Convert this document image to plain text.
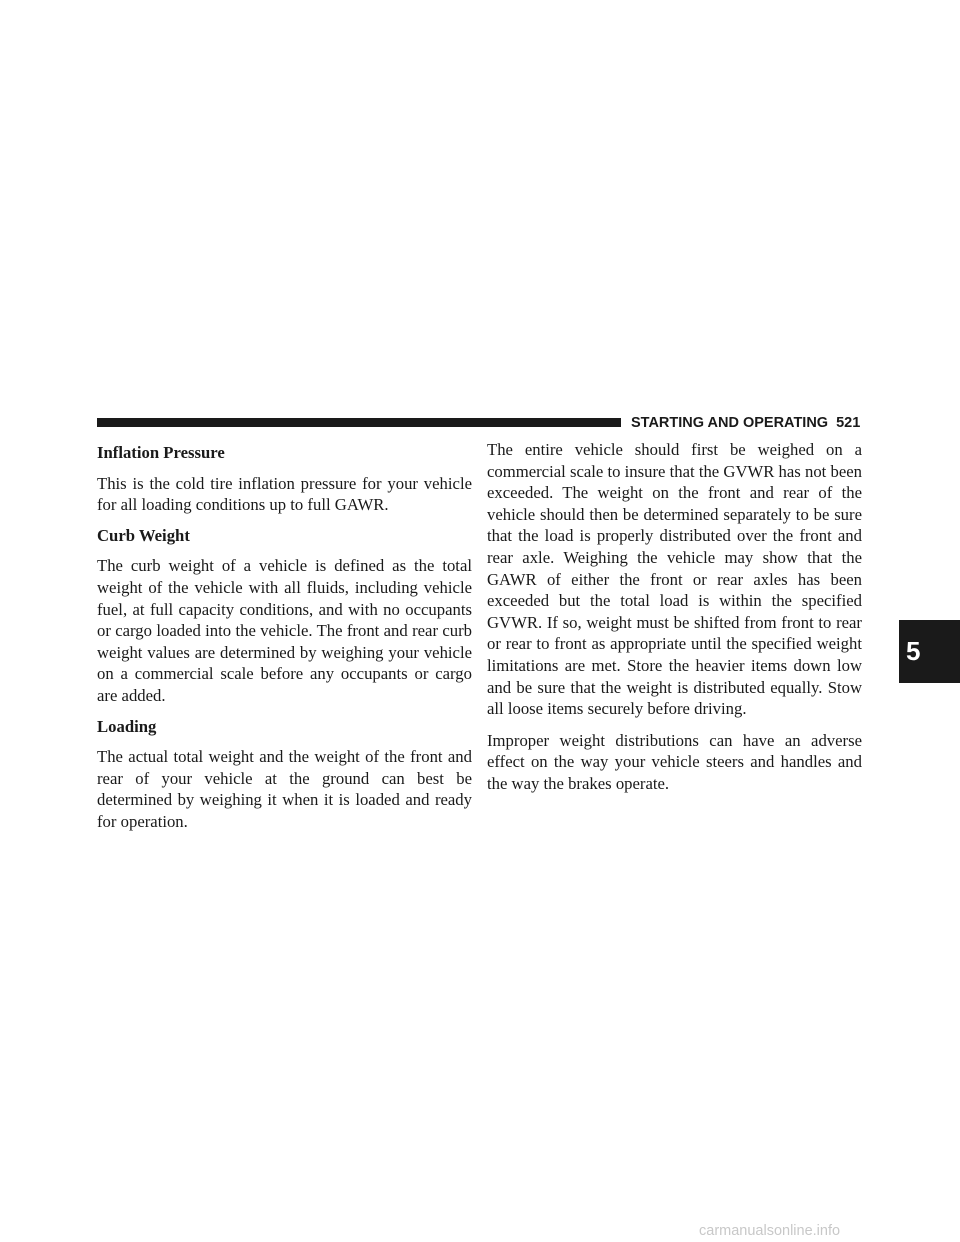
STARTING AND OPERATING 521
Inflation Pressure

This is the cold tire inflation pressure for your vehicle for all loading conditions up to full GAWR.

Curb Weight

The curb weight of a vehicle is defined as the total weight of the vehicle with all fluids, including vehicle fuel, at full capacity conditions, and with no occupants or cargo loaded into the vehicle. The front and rear curb weight values are determined by weighing your vehicle on a commercial scale before any occupants or cargo are added.

Loading

The actual total weight and the weight of the front and rear of your vehicle at the ground can best be determined by weighing it when it is loaded and ready for operation.

The entire vehicle should first be weighed on a commercial scale to insure that the GVWR has not been exceeded. The weight on the front and rear of the vehicle should then be determined separately to be sure that the load is properly distributed over the front and rear axle. Weighing the vehicle may show that the GAWR of either the front or rear axles has been exceeded but the total load is within the specified GVWR. If so, weight must be shifted from front to rear or rear to front as appropriate until the specified weight limitations are met. Store the heavier items down low and be sure that the weight is distributed equally. Stow all loose items securely before driving.

Improper weight distributions can have an adverse effect on the way your vehicle steers and handles and the way the brakes operate.

5
carmanualsonline.info
